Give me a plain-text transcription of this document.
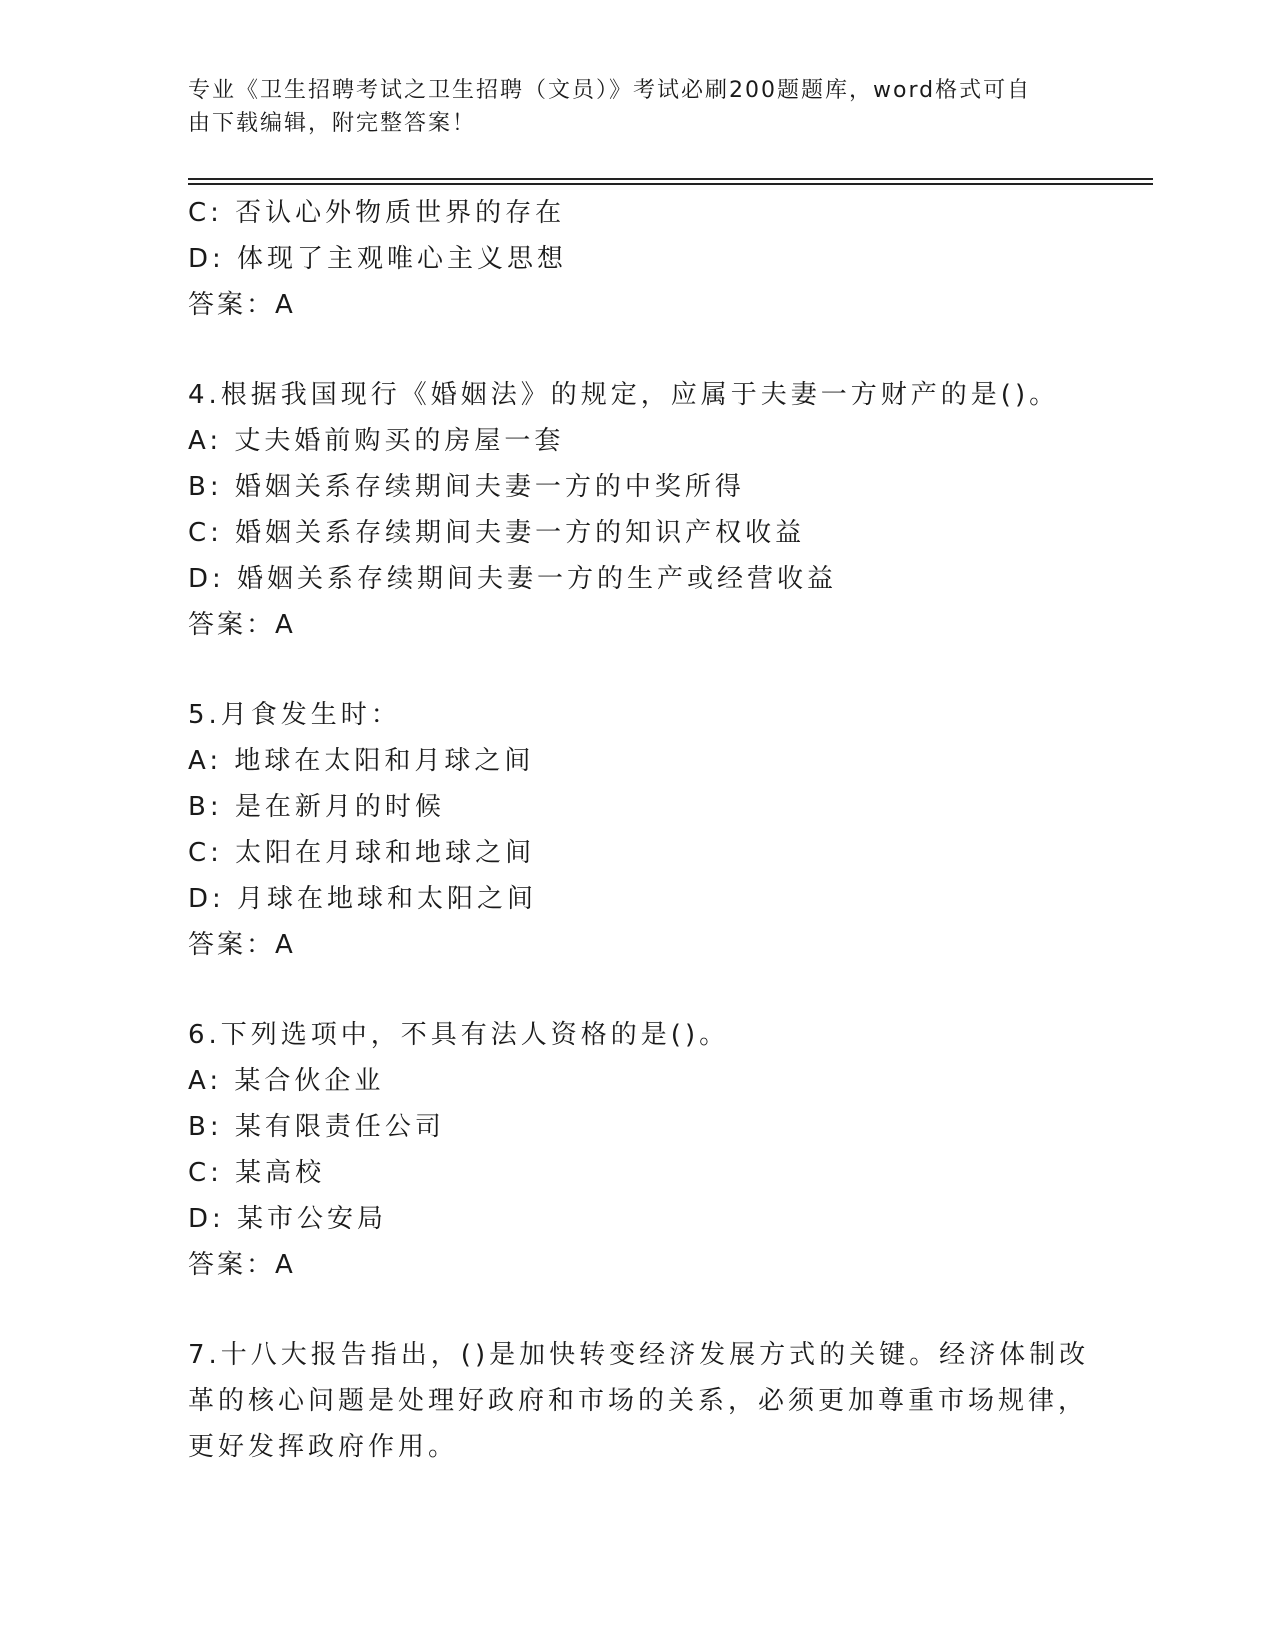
专业《卫生招聘考试之卫生招聘（文员）》考试必刷200题题库，word格式可自
由下载编辑，附完整答案！
C: 否认心外物质世界的存在
D: 体现了主观唯心主义思想
答案：A
4.根据我国现行《婚姻法》的规定，应属于夫妻一方财产的是()。
A: 丈夫婚前购买的房屋一套
B: 婚姻关系存续期间夫妻一方的中奖所得
C: 婚姻关系存续期间夫妻一方的知识产权收益
D: 婚姻关系存续期间夫妻一方的生产或经营收益
答案：A
5.月食发生时：
A: 地球在太阳和月球之间
B: 是在新月的时候
C: 太阳在月球和地球之间
D: 月球在地球和太阳之间
答案：A
6.下列选项中，不具有法人资格的是()。
A: 某合伙企业
B: 某有限责任公司
C: 某高校
D: 某市公安局
答案：A
7.十八大报告指出，()是加快转变经济发展方式的关键。经济体制改
革的核心问题是处理好政府和市场的关系，必须更加尊重市场规律，
更好发挥政府作用。
